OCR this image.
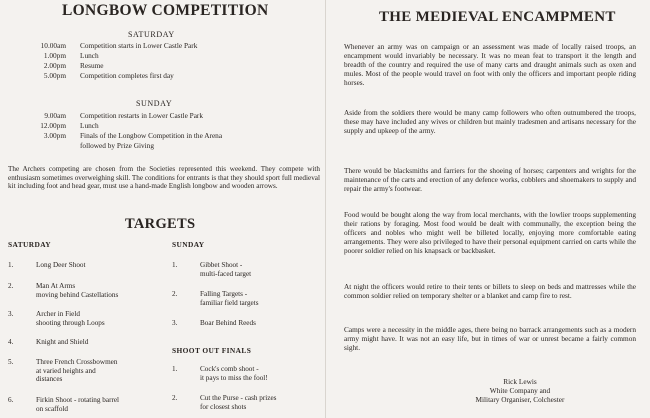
LONGBOW COMPETITION
SATURDAY
10.00am	Competition starts in Lower Castle Park
1.00pm	Lunch
2.00pm	Resume
5.00pm	Competition completes first day
SUNDAY
9.00am	Competition restarts in Lower Castle Park
12.00pm	Lunch
3.00pm	Finals of the Longbow Competition in the Arena
followed by Prize Giving
The Archers competing are chosen from the Societies represented this weekend. They compete with enthusiasm sometimes overweighing skill. The conditions for entrants is that they should sport full medieval kit including foot and head gear, must use a hand-made English longbow and wooden arrows.
TARGETS
SATURDAY	SUNDAY
1.	Long Deer Shoot
2.	Man At Arms
moving behind Castellations
3.	Archer in Field
shooting through Loops
4.	Knight and Shield
5.	Three French Crossbowmen
at varied heights and
distances
6.	Firkin Shoot - rotating barrel
on scaffold
1.	Gibbet Shoot -
multi-faced target
2.	Falling Targets -
familiar field targets
3.	Boar Behind Reeds
SHOOT OUT FINALS
1.	Cock's comb shoot -
it pays to miss the fool!
2.	Cut the Purse - cash prizes
for closest shots
THE MEDIEVAL ENCAMPMENT
Whenever an army was on campaign or an assessment was made of locally raised troops, an encampment would invariably be necessary. It was no mean feat to transport it the length and breadth of the country and required the use of many carts and draught animals such as oxen and mules. Most of the people would travel on foot with only the officers and important people riding horses.
Aside from the soldiers there would be many camp followers who often outnumbered the troops, these may have included any wives or children but mainly tradesmen and artisans necessary for the supply and upkeep of the army.
There would be blacksmiths and farriers for the shoeing of horses; carpenters and wrights for the maintenance of the carts and erection of any defence works, cobblers and shoemakers to supply and repair the army's footwear.
Food would be bought along the way from local merchants, with the lowlier troops supplementing their rations by foraging. Most food would be dealt with communally, the exception being the officers and nobles who might well be billeted locally, enjoying more comfortable eating arrangements. They were also privileged to have their personal equipment carried on carts while the poorer soldier relied on his knapsack or backbasket.
At night the officers would retire to their tents or billets to sleep on beds and mattresses while the common soldier relied on temporary shelter or a blanket and camp fire to rest.
Camps were a necessity in the middle ages, there being no barrack arrangements such as a modern army might have. It was not an easy life, but in times of war or unrest became a fairly common sight.
Rick Lewis
White Company and
Military Organiser, Colchester
